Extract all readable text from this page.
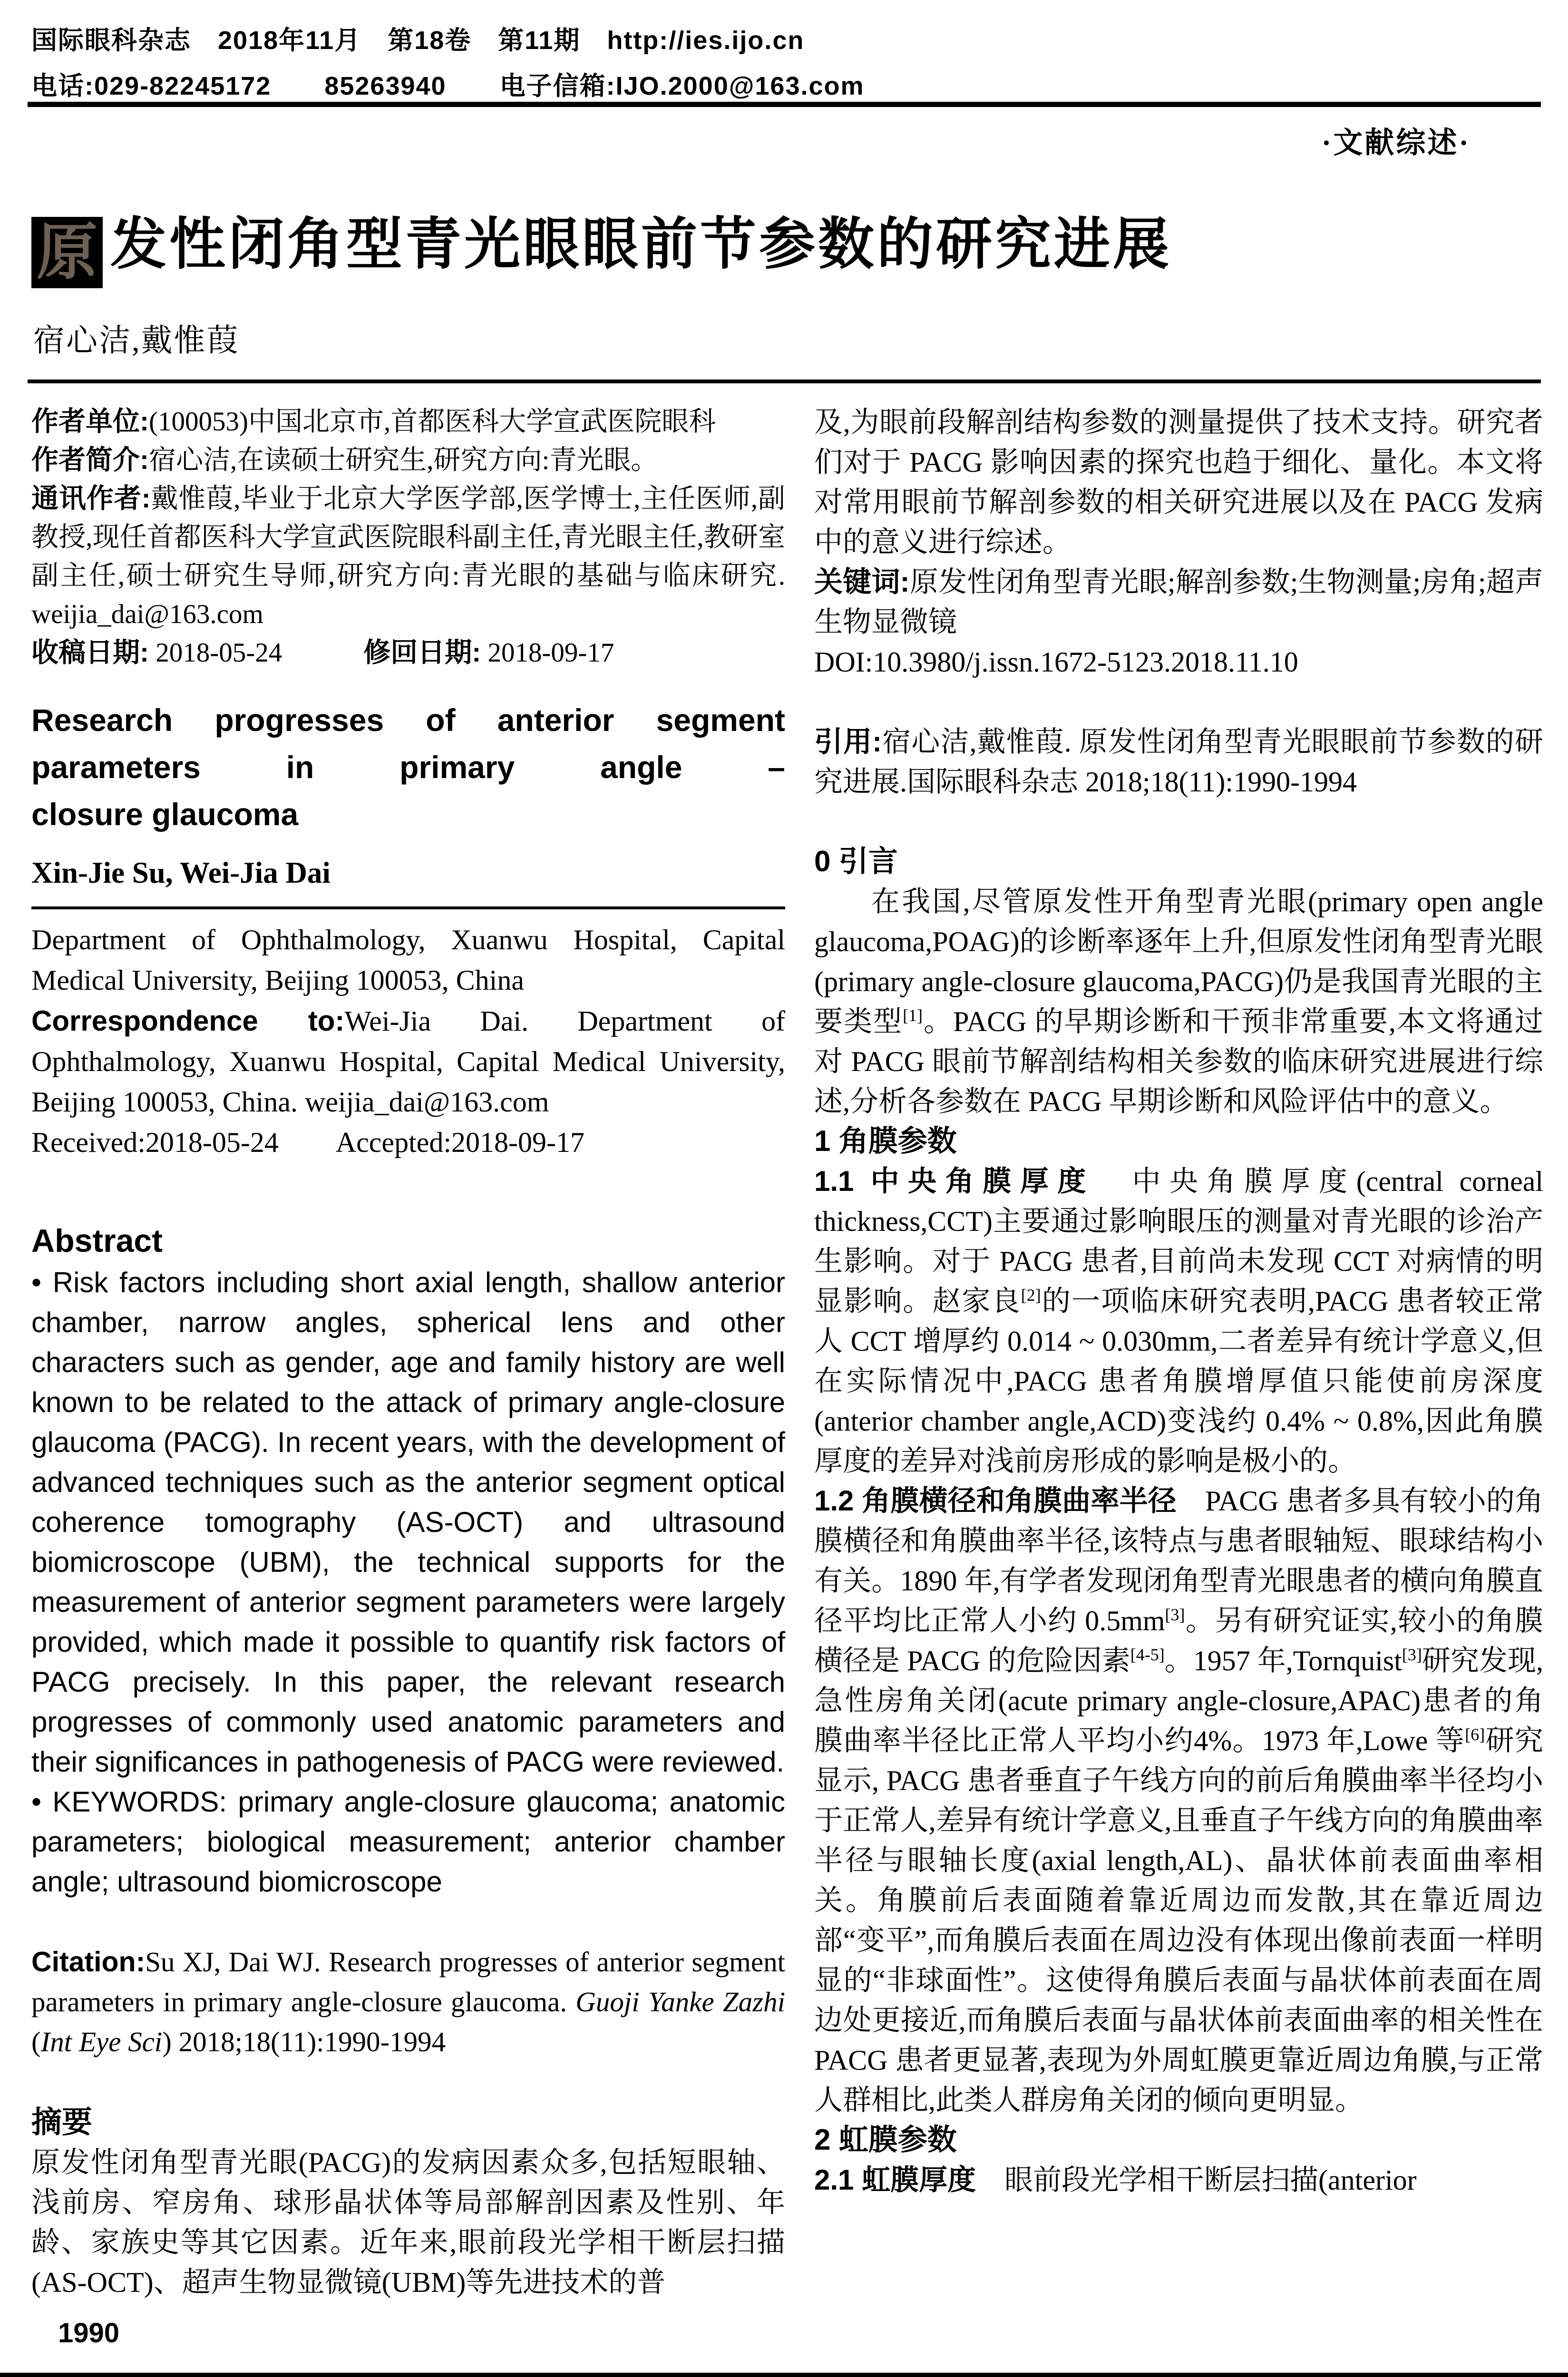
国际眼科杂志　2018年11月　第18卷　第11期　http://ies.ijo.cn
电话:029-82245172　　85263940　　电子信箱:IJO.2000@163.com
·文献综述·
原 发性闭角型青光眼眼前节参数的研究进展
宿心洁,戴惟葭

作者单位:(100053)中国北京市,首都医科大学宣武医院眼科

作者简介:宿心洁,在读硕士研究生,研究方向:青光眼。

通讯作者:戴惟葭,毕业于北京大学医学部,医学博士,主任医师,副教授,现任首都医科大学宣武医院眼科副主任,青光眼主任,教研室副主任,硕士研究生导师,研究方向:青光眼的基础与临床研究. weijia_dai@163.com

收稿日期: 2018-05-24　　　修回日期: 2018-09-17

Research progresses of anterior segment
parameters in primary angle –
closure glaucoma
Xin-Jie Su, Wei-Jia Dai

Department of Ophthalmology, Xuanwu Hospital, Capital Medical University, Beijing 100053, China

Correspondence to:Wei-Jia Dai. Department of Ophthalmology, Xuanwu Hospital, Capital Medical University, Beijing 100053, China. weijia_dai@163.com

Received:2018-05-24　　Accepted:2018-09-17

Abstract

• Risk factors including short axial length, shallow anterior chamber, narrow angles, spherical lens and other characters such as gender, age and family history are well known to be related to the attack of primary angle-closure glaucoma (PACG). In recent years, with the development of advanced techniques such as the anterior segment optical coherence tomography (AS-OCT) and ultrasound biomicroscope (UBM), the technical supports for the measurement of anterior segment parameters were largely provided, which made it possible to quantify risk factors of PACG precisely. In this paper, the relevant research progresses of commonly used anatomic parameters and their significances in pathogenesis of PACG were reviewed.

• KEYWORDS: primary angle-closure glaucoma; anatomic parameters; biological measurement; anterior chamber angle; ultrasound biomicroscope

Citation:Su XJ, Dai WJ. Research progresses of anterior segment parameters in primary angle-closure glaucoma. Guoji Yanke Zazhi (Int Eye Sci) 2018;18(11):1990-1994

摘要

原发性闭角型青光眼(PACG)的发病因素众多,包括短眼轴、浅前房、窄房角、球形晶状体等局部解剖因素及性别、年龄、家族史等其它因素。近年来,眼前段光学相干断层扫描(AS-OCT)、超声生物显微镜(UBM)等先进技术的普

及,为眼前段解剖结构参数的测量提供了技术支持。研究者们对于 PACG 影响因素的探究也趋于细化、量化。本文将对常用眼前节解剖参数的相关研究进展以及在 PACG 发病中的意义进行综述。

关键词:原发性闭角型青光眼;解剖参数;生物测量;房角;超声生物显微镜

DOI:10.3980/j.issn.1672-5123.2018.11.10

引用:宿心洁,戴惟葭. 原发性闭角型青光眼眼前节参数的研究进展.国际眼科杂志 2018;18(11):1990-1994

0 引言

在我国,尽管原发性开角型青光眼(primary open angle glaucoma,POAG)的诊断率逐年上升,但原发性闭角型青光眼(primary angle-closure glaucoma,PACG)仍是我国青光眼的主要类型[1]。PACG 的早期诊断和干预非常重要,本文将通过对 PACG 眼前节解剖结构相关参数的临床研究进展进行综述,分析各参数在 PACG 早期诊断和风险评估中的意义。

1 角膜参数

1.1 中央角膜厚度　中央角膜厚度(central corneal thickness,CCT)主要通过影响眼压的测量对青光眼的诊治产生影响。对于 PACG 患者,目前尚未发现 CCT 对病情的明显影响。赵家良[2]的一项临床研究表明,PACG 患者较正常人 CCT 增厚约 0.014 ~ 0.030mm,二者差异有统计学意义,但在实际情况中,PACG 患者角膜增厚值只能使前房深度(anterior chamber angle,ACD)变浅约 0.4% ~ 0.8%,因此角膜厚度的差异对浅前房形成的影响是极小的。

1.2 角膜横径和角膜曲率半径　PACG 患者多具有较小的角膜横径和角膜曲率半径,该特点与患者眼轴短、眼球结构小有关。1890 年,有学者发现闭角型青光眼患者的横向角膜直径平均比正常人小约 0.5mm[3]。另有研究证实,较小的角膜横径是 PACG 的危险因素[4-5]。1957 年,Tornquist[3]研究发现,急性房角关闭(acute primary angle-closure,APAC)患者的角膜曲率半径比正常人平均小约4%。1973 年,Lowe 等[6]研究显示, PACG 患者垂直子午线方向的前后角膜曲率半径均小于正常人,差异有统计学意义,且垂直子午线方向的角膜曲率半径与眼轴长度(axial length,AL)、晶状体前表面曲率相关。角膜前后表面随着靠近周边而发散,其在靠近周边部“变平”,而角膜后表面在周边没有体现出像前表面一样明显的“非球面性”。这使得角膜后表面与晶状体前表面在周边处更接近,而角膜后表面与晶状体前表面曲率的相关性在 PACG 患者更显著,表现为外周虹膜更靠近周边角膜,与正常人群相比,此类人群房角关闭的倾向更明显。

2 虹膜参数

2.1 虹膜厚度　眼前段光学相干断层扫描(anterior

1990
